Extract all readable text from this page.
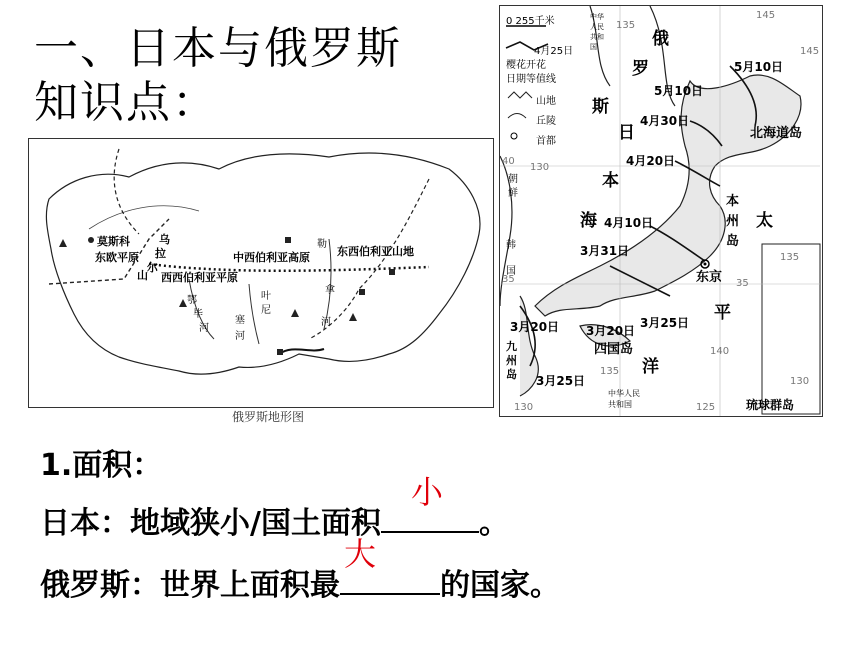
一、日本与俄罗斯
知识点：
莫斯科
东欧平原
乌
拉
尔
山 西西伯利亚平原
中西伯利亚高原 东西伯利亚山地
鄂
毕
河
叶
尼
塞
河
勒
拿
河
俄罗斯地形图
0 255千米
4月25日
樱花开花
日期等值线
山地
丘陵
首都
145
135
145
40
130
35	35
140
135
130	125
130
135
俄
罗
斯
日
本
海	太
平
洋
北海道岛
本
州
岛
东京
四国岛
九
州
岛
琉球群岛
朝
鲜
韩
国
中华人民共和国
中华人民共和国
5月10日
5月10日
4月30日
4月20日
4月10日
3月31日
3月25日
3月20日
3月20日
3月25日
1.面积：
日本：地域狭小/国土面积
小
。
俄罗斯：世界上面积最
大
的国家。
